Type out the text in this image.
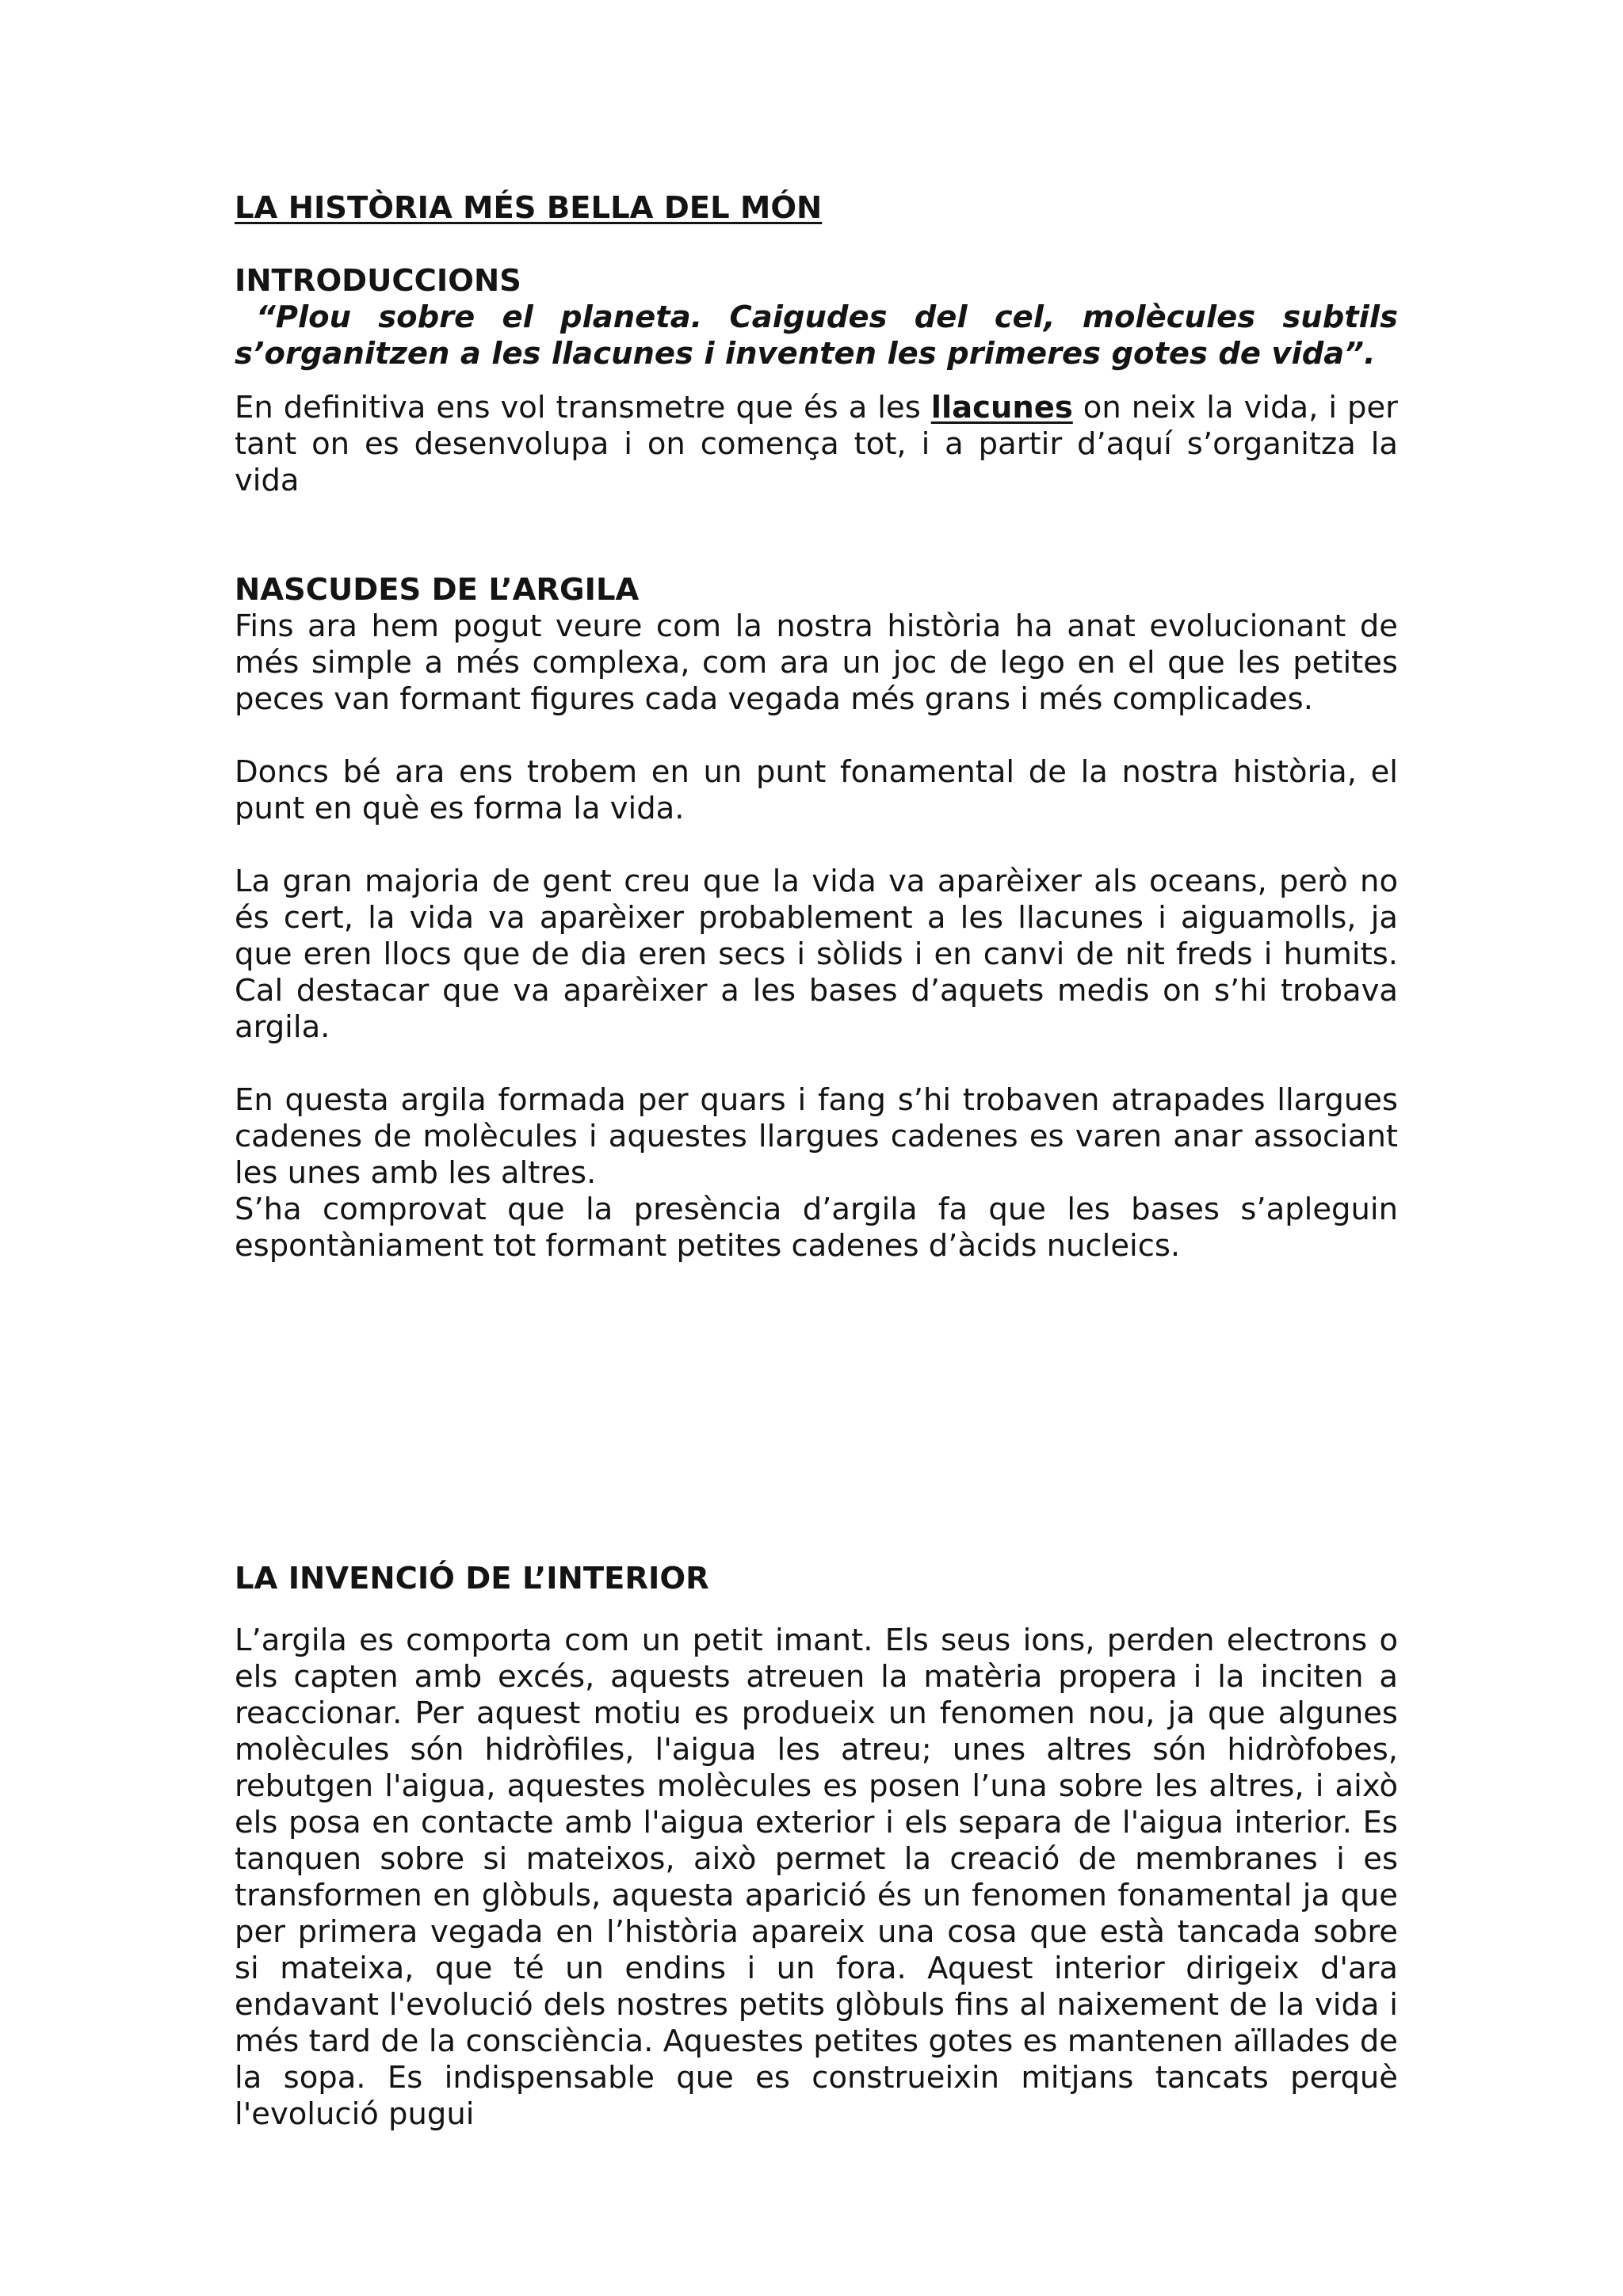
LA HISTÒRIA MÉS BELLA DEL MÓN
INTRODUCCIONS

“Plou sobre el planeta. Caigudes del cel, molècules subtils s’organitzen a les llacunes i inventen les primeres gotes de vida”.

En definitiva ens vol transmetre que és a les llacunes on neix la vida, i per tant on es desenvolupa i on comença tot, i a partir d’aquí s’organitza la vida

NASCUDES DE L’ARGILA

Fins ara hem pogut veure com la nostra història ha anat evolucionant de més simple a més complexa, com ara un joc de lego en el que les petites peces van formant figures cada vegada més grans i més complicades.

Doncs bé ara ens trobem en un punt fonamental de la nostra història, el punt en què es forma la vida.

La gran majoria de gent creu que la vida va aparèixer als oceans, però no és cert, la vida va aparèixer probablement a les llacunes i aiguamolls, ja que eren llocs que de dia eren secs i sòlids i en canvi de nit freds i humits. Cal destacar que va aparèixer a les bases d’aquets medis on s’hi trobava argila.

En questa argila formada per quars i fang s’hi trobaven atrapades llargues cadenes de molècules i aquestes llargues cadenes es varen anar associant les unes amb les altres.

S’ha comprovat que la presència d’argila fa que les bases s’apleguin espontàniament tot formant petites cadenes d’àcids nucleics.

LA INVENCIÓ DE L’INTERIOR

L’argila es comporta com un petit imant. Els seus ions, perden electrons o els capten amb excés, aquests atreuen la matèria propera i la inciten a reaccionar. Per aquest motiu es produeix un fenomen nou, ja que algunes molècules són hidròfiles, l'aigua les atreu; unes altres són hidròfobes, rebutgen l'aigua, aquestes molècules es posen l’una sobre les altres, i això els posa en contacte amb l'aigua exterior i els separa de l'aigua interior. Es tanquen sobre si mateixos, això permet la creació de membranes i es transformen en glòbuls, aquesta aparició és un fenomen fonamental ja que per primera vegada en l’història apareix una cosa que està tancada sobre si mateixa, que té un endins i un fora. Aquest interior dirigeix d'ara endavant l'evolució dels nostres petits glòbuls fins al naixement de la vida i més tard de la consciència. Aquestes petites gotes es mantenen aïllades de la sopa. Es indispensable que es construeixin mitjans tancats perquè l'evolució pugui
